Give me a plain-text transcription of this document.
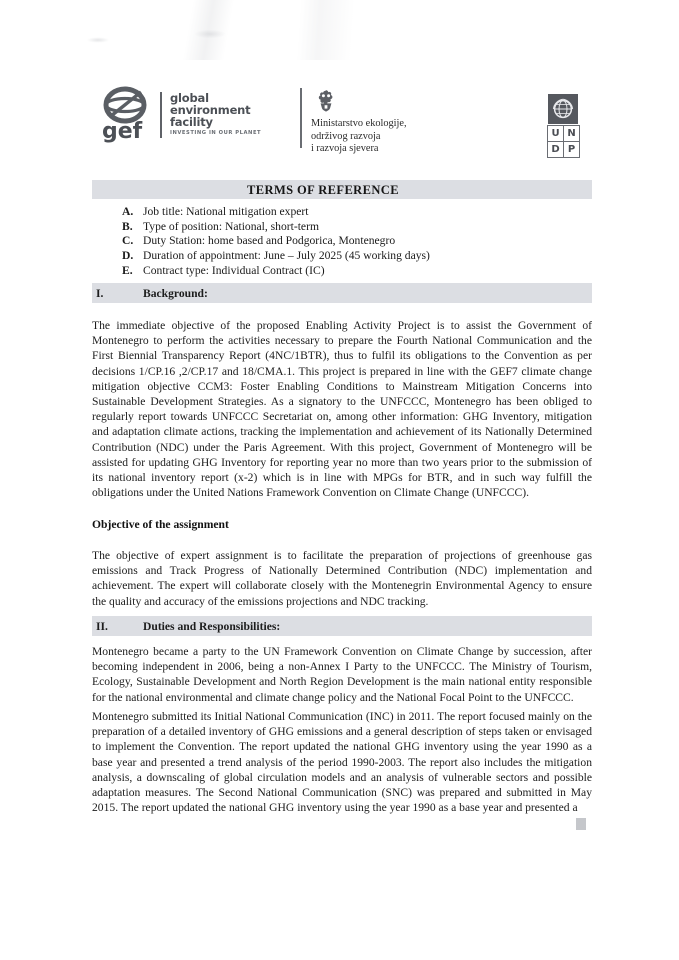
gef
global
environment
facility
INVESTING IN OUR PLANET
Ministarstvo ekologije,
održivog razvoja
i razvoja sjevera
U	N
D	P
TERMS OF REFERENCE
A. Job title: National mitigation expert
B. Type of position: National, short-term
C. Duty Station: home based and Podgorica, Montenegro
D. Duration of appointment: June – July 2025 (45 working days)
E. Contract type: Individual Contract (IC)
I.	Background:

The immediate objective of the proposed Enabling Activity Project is to assist the Government of Montenegro to perform the activities necessary to prepare the Fourth National Communication and the First Biennial Transparency Report (4NC/1BTR), thus to fulfil its obligations to the Convention as per decisions 1/CP.16 ,2/CP.17 and 18/CMA.1. This project is prepared in line with the GEF7 climate change mitigation objective CCM3: Foster Enabling Conditions to Mainstream Mitigation Concerns into Sustainable Development Strategies. As a signatory to the UNFCCC, Montenegro has been obliged to regularly report towards UNFCCC Secretariat on, among other information: GHG Inventory, mitigation and adaptation climate actions, tracking the implementation and achievement of its Nationally Determined Contribution (NDC) under the Paris Agreement. With this project, Government of Montenegro will be assisted for updating GHG Inventory for reporting year no more than two years prior to the submission of its national inventory report (x-2) which is in line with MPGs for BTR, and in such way fulfill the obligations under the United Nations Framework Convention on Climate Change (UNFCCC).

Objective of the assignment

The objective of expert assignment is to facilitate the preparation of projections of greenhouse gas emissions and Track Progress of Nationally Determined Contribution (NDC) implementation and achievement. The expert will collaborate closely with the Montenegrin Environmental Agency to ensure the quality and accuracy of the emissions projections and NDC tracking.

II.	Duties and Responsibilities:

Montenegro became a party to the UN Framework Convention on Climate Change by succession, after becoming independent in 2006, being a non-Annex I Party to the UNFCCC. The Ministry of Tourism, Ecology, Sustainable Development and North Region Development is the main national entity responsible for the national environmental and climate change policy and the National Focal Point to the UNFCCC.

Montenegro submitted its Initial National Communication (INC) in 2011. The report focused mainly on the preparation of a detailed inventory of GHG emissions and a general description of steps taken or envisaged to implement the Convention. The report updated the national GHG inventory using the year 1990 as a base year and presented a trend analysis of the period 1990-2003. The report also includes the mitigation analysis, a downscaling of global circulation models and an analysis of vulnerable sectors and possible adaptation measures. The Second National Communication (SNC) was prepared and submitted in May 2015. The report updated the national GHG inventory using the year 1990 as a base year and presented a
